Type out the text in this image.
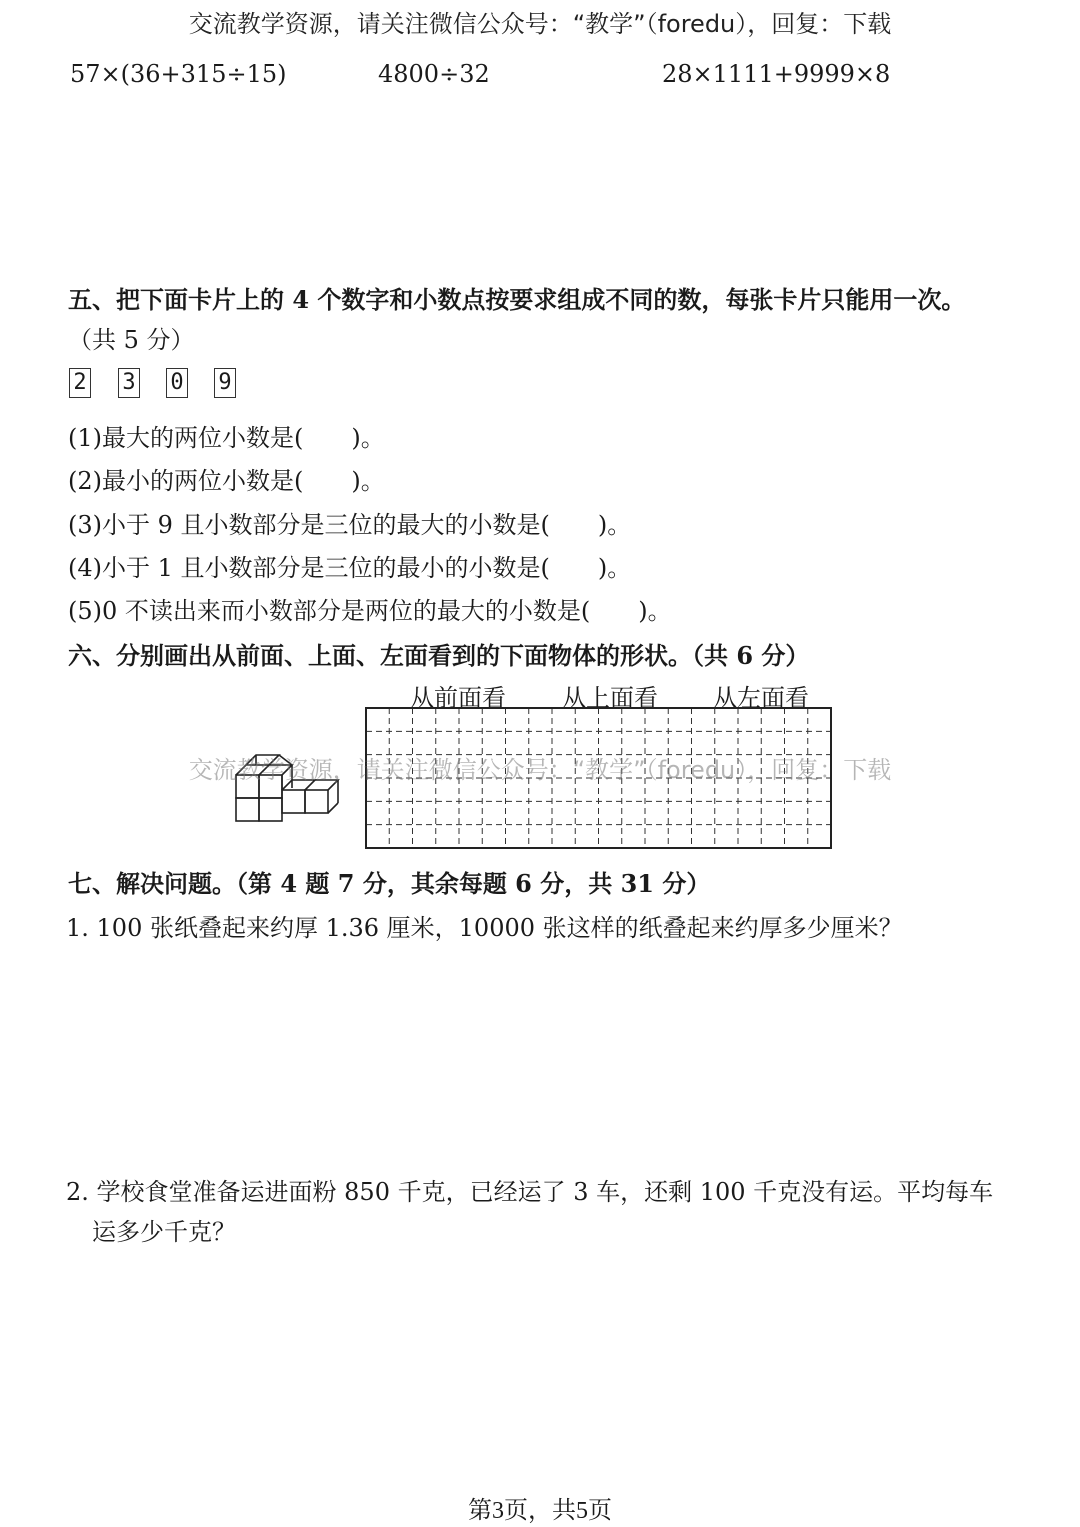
交流教学资源，请关注微信公众号：“教学”（foredu），回复：下载
57×(36+315÷15)	4800÷32	28×1111+9999×8
五、把下面卡片上的 4 个数字和小数点按要求组成不同的数，每张卡片只能用一次。
（共 5 分）
2 3 0 9
(1)最大的两位小数是(　　)。
(2)最小的两位小数是(　　)。
(3)小于 9 且小数部分是三位的最大的小数是(　　)。
(4)小于 1 且小数部分是三位的最小的小数是(　　)。
(5)0 不读出来而小数部分是两位的最大的小数是(　　)。
六、分别画出从前面、上面、左面看到的下面物体的形状。（共 6 分）
从前面看 从上面看 从左面看
交流教学资源，请关注微信公众号：“教学”（foredu），回复：下载
七、解决问题。（第 4 题 7 分，其余每题 6 分，共 31 分）
1. 100 张纸叠起来约厚 1.36 厘米，10000 张这样的纸叠起来约厚多少厘米？
2. 学校食堂准备运进面粉 850 千克，已经运了 3 车，还剩 100 千克没有运。平均每车
运多少千克？
第3页，共5页
